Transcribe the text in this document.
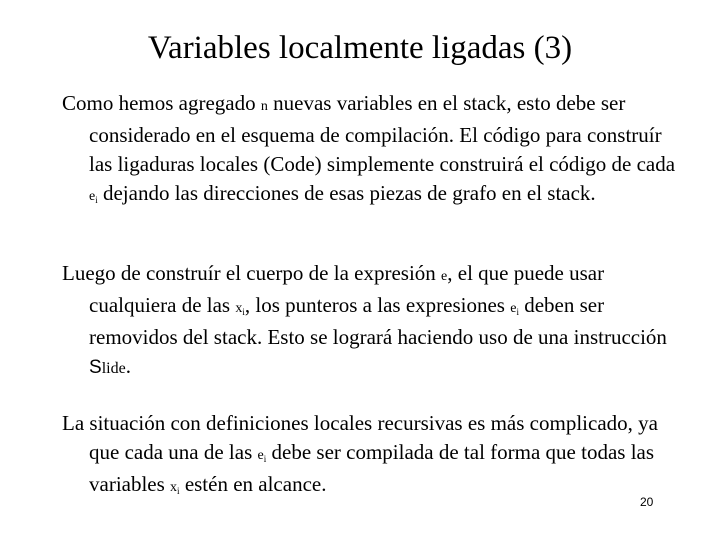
Variables localmente ligadas (3)

Como hemos agregado n nuevas variables en el stack, esto debe ser considerado en el esquema de compilación. El código para construír las ligaduras locales (Code) simplemente construirá el código de cada $e_i$ dejando las direcciones de esas piezas de grafo en el stack.

Luego de construír el cuerpo de la expresión e, el que puede usar cualquiera de las $x_i$, los punteros a las expresiones $e_i$ deben ser removidos del stack. Esto se logrará haciendo uso de una instrucción Slide.

La situación con definiciones locales recursivas es más complicado, ya que cada una de las $e_i$ debe ser compilada de tal forma que todas las variables $x_i$ estén en alcance.

20
